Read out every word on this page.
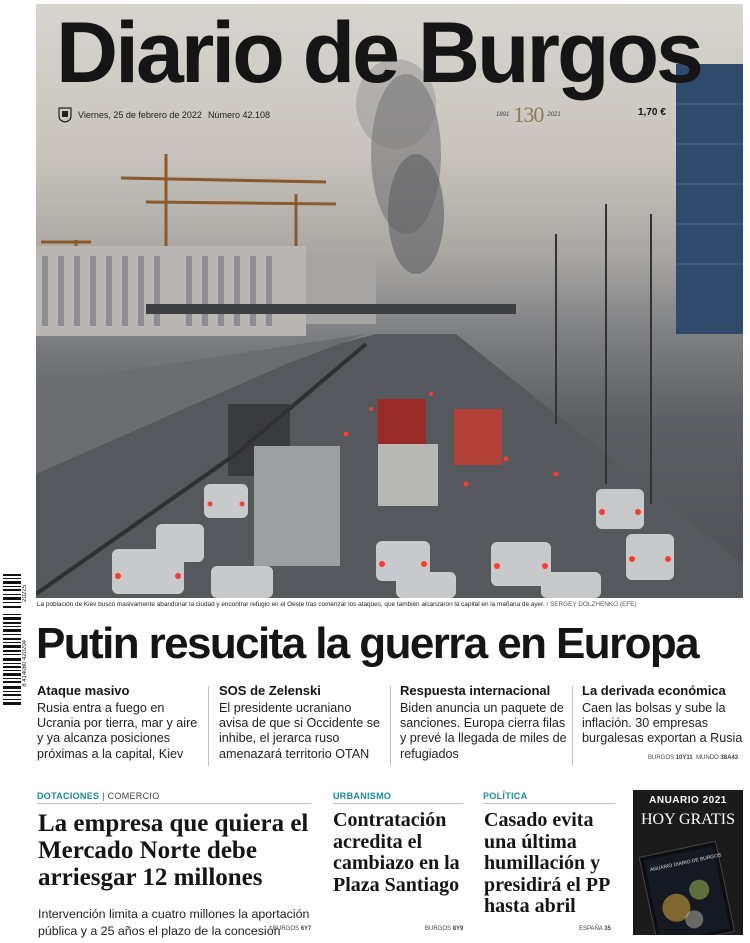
Diario de Burgos
Viernes, 25 de febrero de 2022 Número 42.108	1891 130 2021	1,70 €
20225
8 414080 420204
La población de Kiev buscó masivamente abandonar la ciudad y encontrar refugio en el Oeste tras comenzar los ataques, que también alcanzaron la capital en la mañana de ayer. / SERGEY DOLZHENKO (EFE)
Putin resucita la guerra en Europa
Ataque masivo

Rusia entra a fuego en Ucrania por tierra, mar y aire y ya alcanza posiciones próximas a la capital, Kiev

SOS de Zelenski

El presidente ucraniano avisa de que si Occidente se inhibe, el jerarca ruso amenazará territorio OTAN

Respuesta internacional

Biden anuncia un paquete de sanciones. Europa cierra filas y prevé la llegada de miles de refugiados

La derivada económica

Caen las bolsas y sube la inflación. 30 empresas burgalesas exportan a Rusia

BURGOS 10Y11 MUNDO 38A43
DOTACIONES | COMERCIO
La empresa que quiera el Mercado Norte debe arriesgar 12 millones
Intervención limita a cuatro millones la aportación pública y a 25 años el plazo de la concesión
BURGOS 6Y7
URBANISMO
Contratación acredita el cambiazo en la Plaza Santiago
BURGOS 8Y9
POLÍTICA
Casado evita una última humillación y presidirá el PP hasta abril
ESPAÑA 35
ANUARIO 2021
HOY GRATIS
ANUARIO DIARIO DE BURGOS
